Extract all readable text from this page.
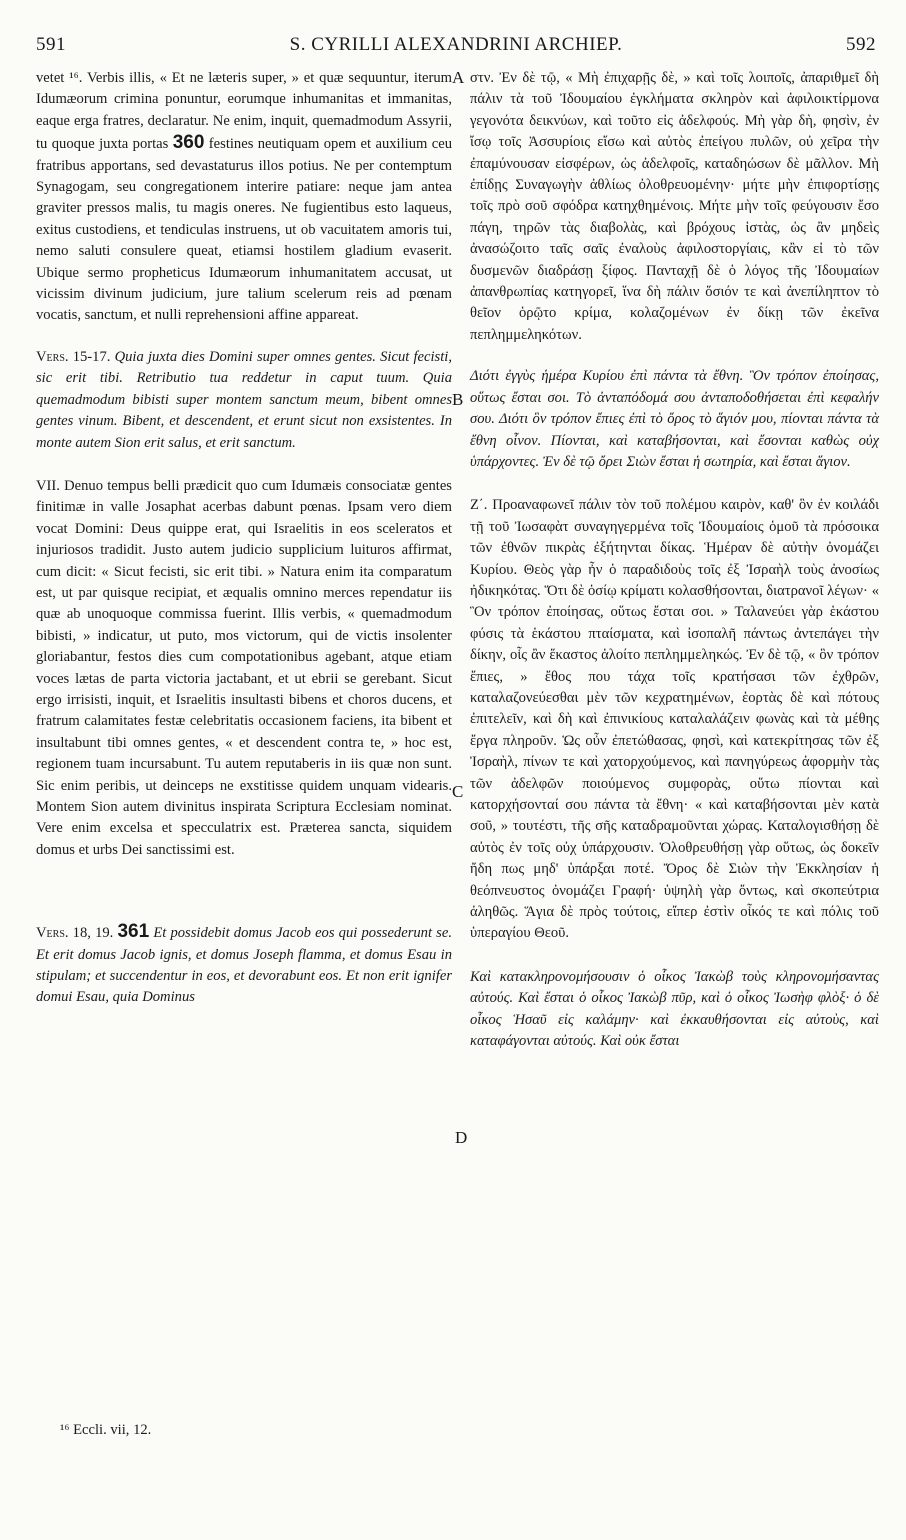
591	S. CYRILLI ALEXANDRINI ARCHIEP.	592

vetet ¹⁶. Verbis illis, « Et ne læteris super, » et quæ sequuntur, iterum Idumæorum crimina ponuntur, eorumque inhumanitas et immanitas, eaque erga fratres, declaratur. Ne enim, inquit, quemadmodum Assyrii, tu quoque juxta portas 360 festines neutiquam opem et auxilium ceu fratribus apportans, sed devastaturus illos potius. Ne per contemptum Synagogam, seu congregationem interire patiare: neque jam antea graviter pressos malis, tu magis oneres. Ne fugientibus esto laqueus, exitus custodiens, et tendiculas instruens, ut ob vacuitatem amoris tui, nemo saluti consulere queat, etiamsi hostilem gladium evaserit. Ubique sermo propheticus Idumæorum inhumanitatem accusat, ut vicissim divinum judicium, jure talium scelerum reis ad pœnam vocatis, sanctum, et nulli reprehensioni affine appareat.

Vers. 15-17. Quia juxta dies Domini super omnes gentes. Sicut fecisti, sic erit tibi. Retributio tua reddetur in caput tuum. Quia quemadmodum bibisti super montem sanctum meum, bibent omnes gentes vinum. Bibent, et descendent, et erunt sicut non exsistentes. In monte autem Sion erit salus, et erit sanctum.

VII. Denuo tempus belli prædicit quo cum Idumæis consociatæ gentes finitimæ in valle Josaphat acerbas dabunt pœnas. Ipsam vero diem vocat Domini: Deus quippe erat, qui Israelitis in eos sceleratos et injuriosos tradidit. Justo autem judicio supplicium luituros affirmat, cum dicit: « Sicut fecisti, sic erit tibi. » Natura enim ita comparatum est, ut par quisque recipiat, et æqualis omnino merces rependatur iis quæ ab unoquoque commissa fuerint. Illis verbis, « quemadmodum bibisti, » indicatur, ut puto, mos victorum, qui de victis insolenter gloriabantur, festos dies cum compotationibus agebant, atque etiam voces lætas de parta victoria jactabant, et ut ebrii se gerebant. Sicut ergo irrisisti, inquit, et Israelitis insultasti bibens et choros ducens, et fratrum calamitates festæ celebritatis occasionem faciens, ita bibent et insultabunt tibi omnes gentes, « et descendent contra te, » hoc est, regionem tuam incursabunt. Tu autem reputaberis in iis quæ non sunt. Sic enim peribis, ut deinceps ne exstitisse quidem unquam videaris. Montem Sion autem divinitus inspirata Scriptura Ecclesiam nominat. Vere enim excelsa et specculatrix est. Præterea sancta, siquidem domus et urbs Dei sanctissimi est.

Vers. 18, 19. 361 Et possidebit domus Jacob eos qui possederunt se. Et erit domus Jacob ignis, et domus Joseph flamma, et domus Esau in stipulam; et succendentur in eos, et devorabunt eos. Et non erit ignifer domui Esau, quia Dominus

στν. Ἐν δὲ τῷ, « Μὴ ἐπιχαρῇς δὲ, » καὶ τοῖς λοιποῖς, ἀπαριθμεῖ δὴ πάλιν τὰ τοῦ Ἰδουμαίου ἐγκλήματα σκληρὸν καὶ ἀφιλοικτίρμονα γεγονότα δεικνύων, καὶ τοῦτο εἰς ἀδελφούς. Μὴ γὰρ δὴ, φησὶν, ἐν ἴσῳ τοῖς Ἀσσυρίοις εἴσω καὶ αὐτὸς ἐπείγου πυλῶν, οὐ χεῖρα τὴν ἐπαμύνουσαν εἰσφέρων, ὡς ἀδελφοῖς, καταδηώσων δὲ μᾶλλον. Μὴ ἐπίδῃς Συναγωγὴν ἀθλίως ὀλοθρευομένην· μήτε μὴν ἐπιφορτίσῃς τοῖς πρὸ σοῦ σφόδρα κατηχθημένοις. Μήτε μὴν τοῖς φεύγουσιν ἔσο πάγη, τηρῶν τὰς διαβολὰς, καὶ βρόχους ἱστὰς, ὡς ἂν μηδεὶς ἀνασώζοιτο ταῖς σαῖς ἐναλοὺς ἀφιλοστοργίαις, κἂν εἰ τὸ τῶν δυσμενῶν διαδράσῃ ξίφος. Πανταχῇ δὲ ὁ λόγος τῆς Ἰδουμαίων ἀπανθρωπίας κατηγορεῖ, ἵνα δὴ πάλιν ὅσιόν τε καὶ ἀνεπίληπτον τὸ θεῖον ὁρῷτο κρίμα, κολαζομένων ἐν δίκῃ τῶν ἐκεῖνα πεπλημμεληκότων.

Διότι ἐγγὺς ἡμέρα Κυρίου ἐπὶ πάντα τὰ ἔθνη. Ὃν τρόπον ἐποίησας, οὕτως ἔσται σοι. Τὸ ἀνταπόδομά σου ἀνταποδοθήσεται ἐπὶ κεφαλήν σου. Διότι ὃν τρόπον ἔπιες ἐπὶ τὸ ὄρος τὸ ἅγιόν μου, πίονται πάντα τὰ ἔθνη οἶνον. Πίονται, καὶ καταβήσονται, καὶ ἔσονται καθὼς οὐχ ὑπάρχοντες. Ἐν δὲ τῷ ὄρει Σιὼν ἔσται ἡ σωτηρία, καὶ ἔσται ἅγιον.

Ζ΄. Προαναφωνεῖ πάλιν τὸν τοῦ πολέμου καιρὸν, καθ' ὃν ἐν κοιλάδι τῇ τοῦ Ἰωσαφὰτ συναγηγερμένα τοῖς Ἰδουμαίοις ὁμοῦ τὰ πρόσοικα τῶν ἐθνῶν πικρὰς ἐξήτηνται δίκας. Ἡμέραν δὲ αὐτὴν ὀνομάζει Κυρίου. Θεὸς γὰρ ἦν ὁ παραδιδοὺς τοῖς ἐξ Ἰσραὴλ τοὺς ἀνοσίως ἠδικηκότας. Ὅτι δὲ ὁσίῳ κρίματι κολασθήσονται, διατρανοῖ λέγων· « Ὃν τρόπον ἐποίησας, οὕτως ἔσται σοι. » Ταλανεύει γὰρ ἑκάστου φύσις τὰ ἑκάστου πταίσματα, καὶ ἰσοπαλῆ πάντως ἀντεπάγει τὴν δίκην, οἷς ἂν ἕκαστος ἁλοίτο πεπλημμεληκώς. Ἐν δὲ τῷ, « ὃν τρόπον ἔπιες, » ἔθος που τάχα τοῖς κρατήσασι τῶν ἐχθρῶν, καταλαζονεύεσθαι μὲν τῶν κεχρατημένων, ἑορτὰς δὲ καὶ πότους ἐπιτελεῖν, καὶ δὴ καὶ ἐπινικίους καταλαλάζειν φωνὰς καὶ τὰ μέθης ἔργα πληροῦν. Ὡς οὖν ἐπετώθασας, φησὶ, καὶ κατεκρίτησας τῶν ἐξ Ἰσραὴλ, πίνων τε καὶ χατορχούμενος, καὶ πανηγύρεως ἀφορμὴν τὰς τῶν ἀδελφῶν ποιούμενος συμφορὰς, οὕτω πίονται καὶ κατορχήσονταί σου πάντα τὰ ἔθνη· « καὶ καταβήσονται μὲν κατὰ σοῦ, » τουτέστι, τῆς σῆς καταδραμοῦνται χώρας. Καταλογισθήσῃ δὲ αὐτὸς ἐν τοῖς οὐχ ὑπάρχουσιν. Ὀλοθρευθήσῃ γὰρ οὕτως, ὡς δοκεῖν ἤδη πως μηδ' ὑπάρξαι ποτέ. Ὄρος δὲ Σιὼν τὴν Ἐκκλησίαν ἡ θεόπνευστος ὀνομάζει Γραφή· ὑψηλὴ γὰρ ὄντως, καὶ σκοπεύτρια ἀληθῶς. Ἅγια δὲ πρὸς τούτοις, εἴπερ ἐστὶν οἶκός τε καὶ πόλις τοῦ ὑπεραγίου Θεοῦ.

Καὶ κατακληρονομήσουσιν ὁ οἶκος Ἰακὼβ τοὺς κληρονομήσαντας αὐτούς. Καὶ ἔσται ὁ οἶκος Ἰακὼβ πῦρ, καὶ ὁ οἶκος Ἰωσὴφ φλὸξ· ὁ δὲ οἶκος Ἡσαῦ εἰς καλάμην· καὶ ἐκκαυθήσονται εἰς αὐτοὺς, καὶ καταφάγονται αὐτούς. Καὶ οὐκ ἔσται

A
B
C
D
¹⁶ Eccli. vii, 12.
